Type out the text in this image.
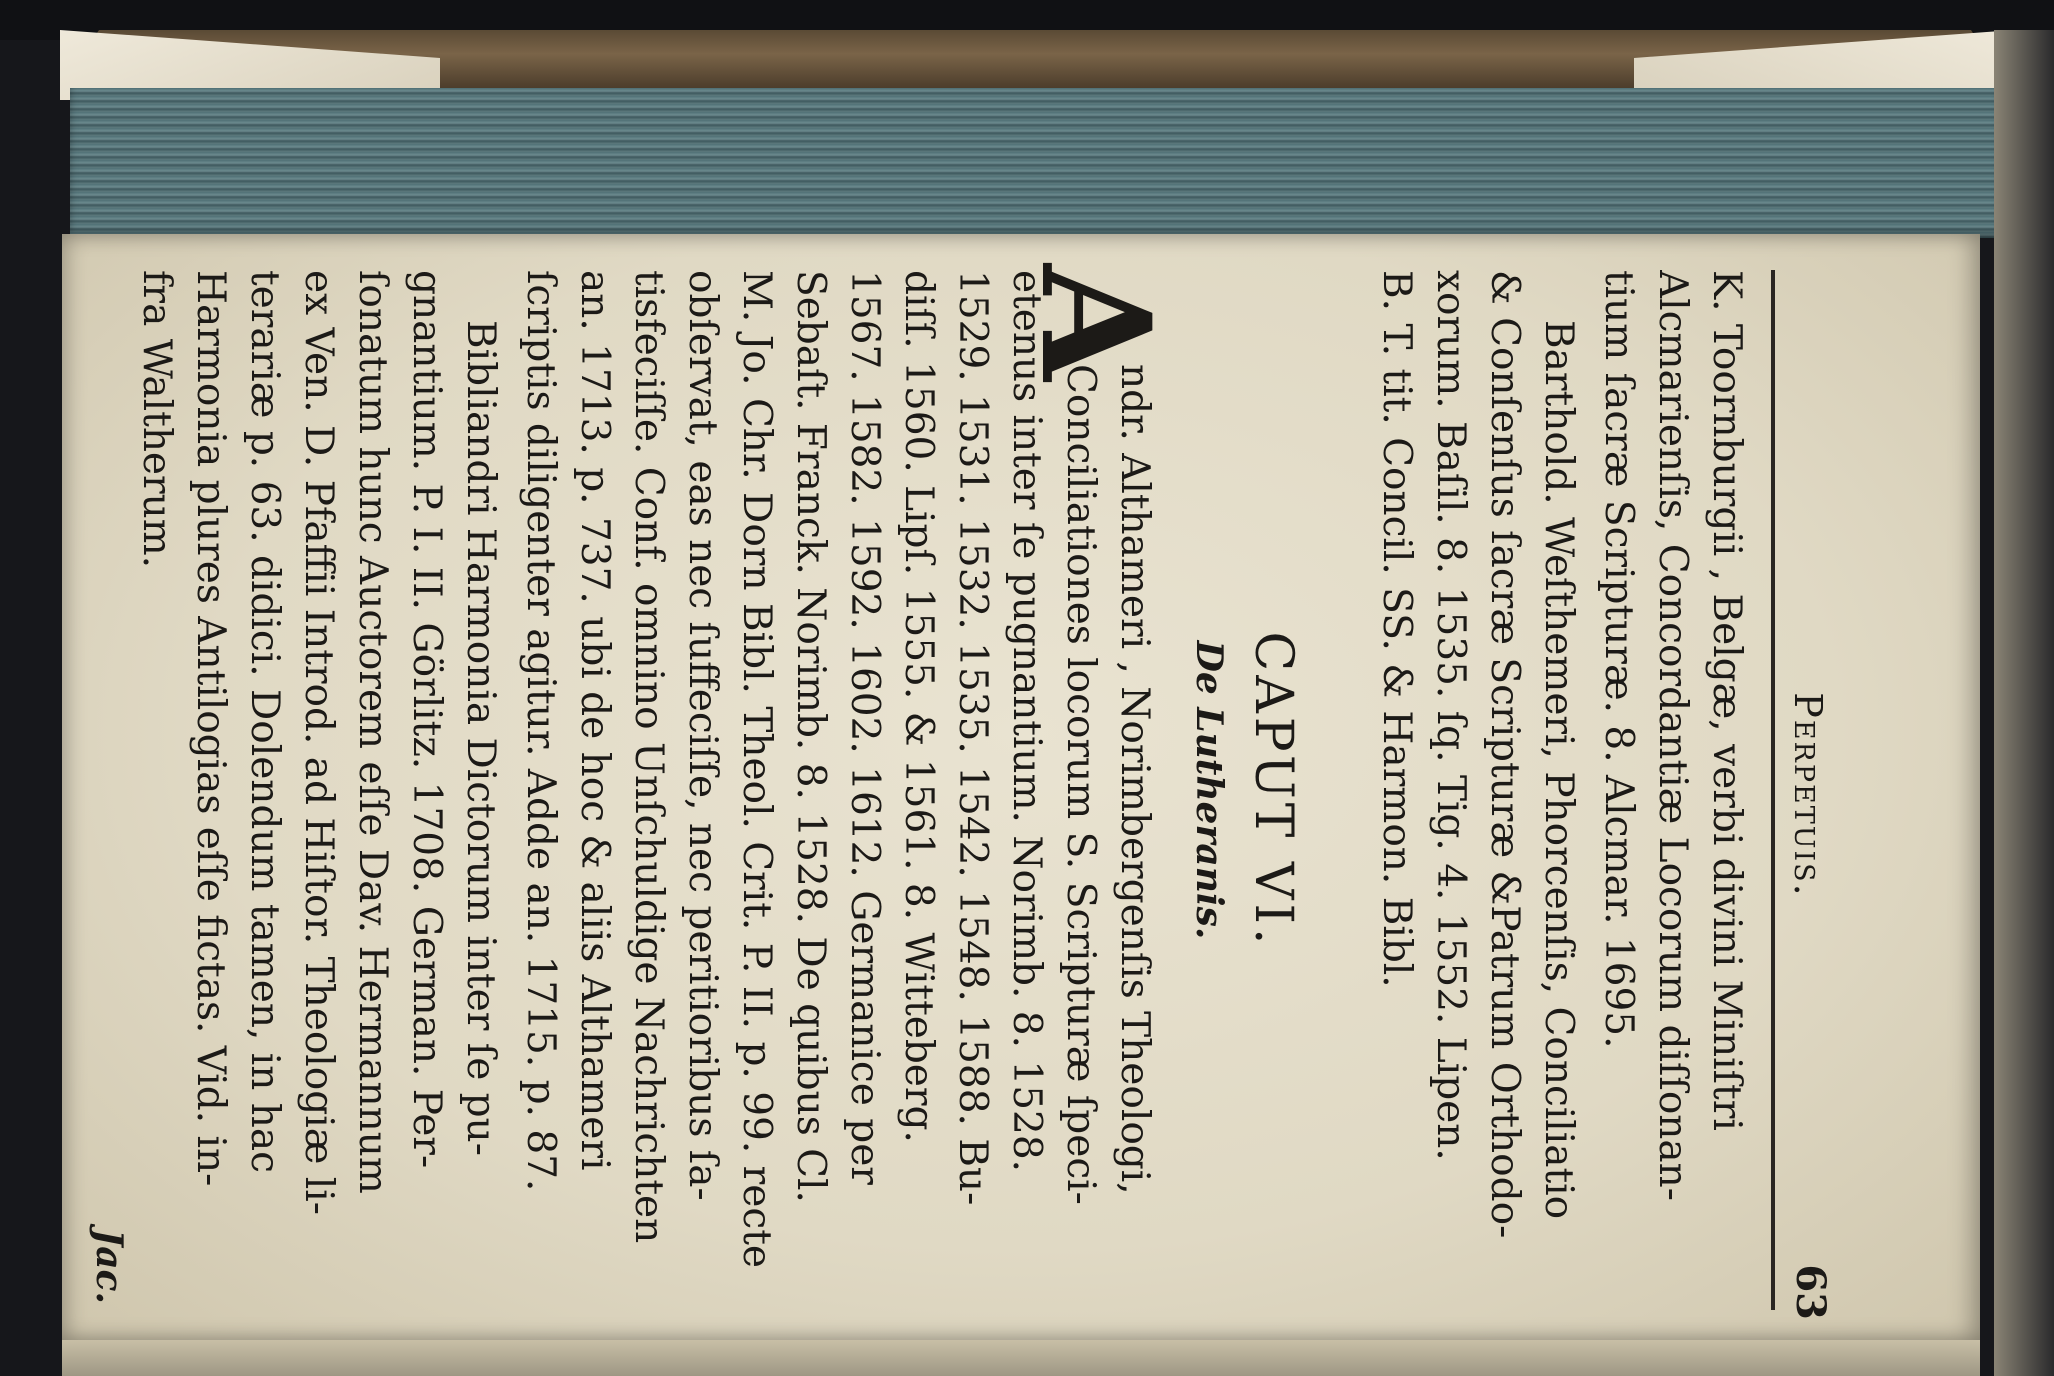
Perpetuis.
63
K. Toornburgii , Belgæ, verbi divini Miniſtri
Alcmarienſis, Concordantiæ Locorum diſſonan-
tium ſacræ Scripturæ. 8. Alcmar. 1695.
Barthold. Weſthemeri, Phorcenſis, Conciliatio
& Conſenſus ſacræ Scripturæ &Patrum Orthodo-
xorum. Baſil. 8. 1535. ſq. Tig. 4. 1552. Lipen.
B. T. tit. Concil. SS. & Harmon. Bibl.
CAPUT VI.
De Lutheranis.
A
ndr. Althameri , Norimbergenſis Theologi,
Conciliationes locorum S. Scripturæ ſpeci-
etenus inter ſe pugnantium. Norimb. 8. 1528.
1529. 1531. 1532. 1535. 1542. 1548. 1588. Bu-
diſſ. 1560. Lipſ. 1555. & 1561. 8. Witteberg.
1567. 1582. 1592. 1602. 1612. Germanice per
Sebaſt. Franck. Norimb. 8. 1528. De quibus Cl.
M. Jo. Chr. Dorn Bibl. Theol. Crit. P. II. p. 99. recte
obſervat, eas nec ſuffeciſſe, nec peritioribus ſa-
tisfeciſſe. Conf. omnino Unſchuldige Nachrichten
an. 1713. p. 737. ubi de hoc & aliis Althameri
ſcriptis diligenter agitur. Adde an. 1715. p. 87.
Bibliandri Harmonia Dictorum inter ſe pu-
gnantium. P. I. II. Görlitz. 1708. German. Per-
ſonatum hunc Auctorem eſſe Dav. Hermannum
ex Ven. D. Pfaffii Introd. ad Hiſtor. Theologiæ li-
terariæ p. 63. didici. Dolendum tamen, in hac
Harmonia plures Antilogias eſſe fictas. Vid. in-
fra Waltherum.
Jac.
